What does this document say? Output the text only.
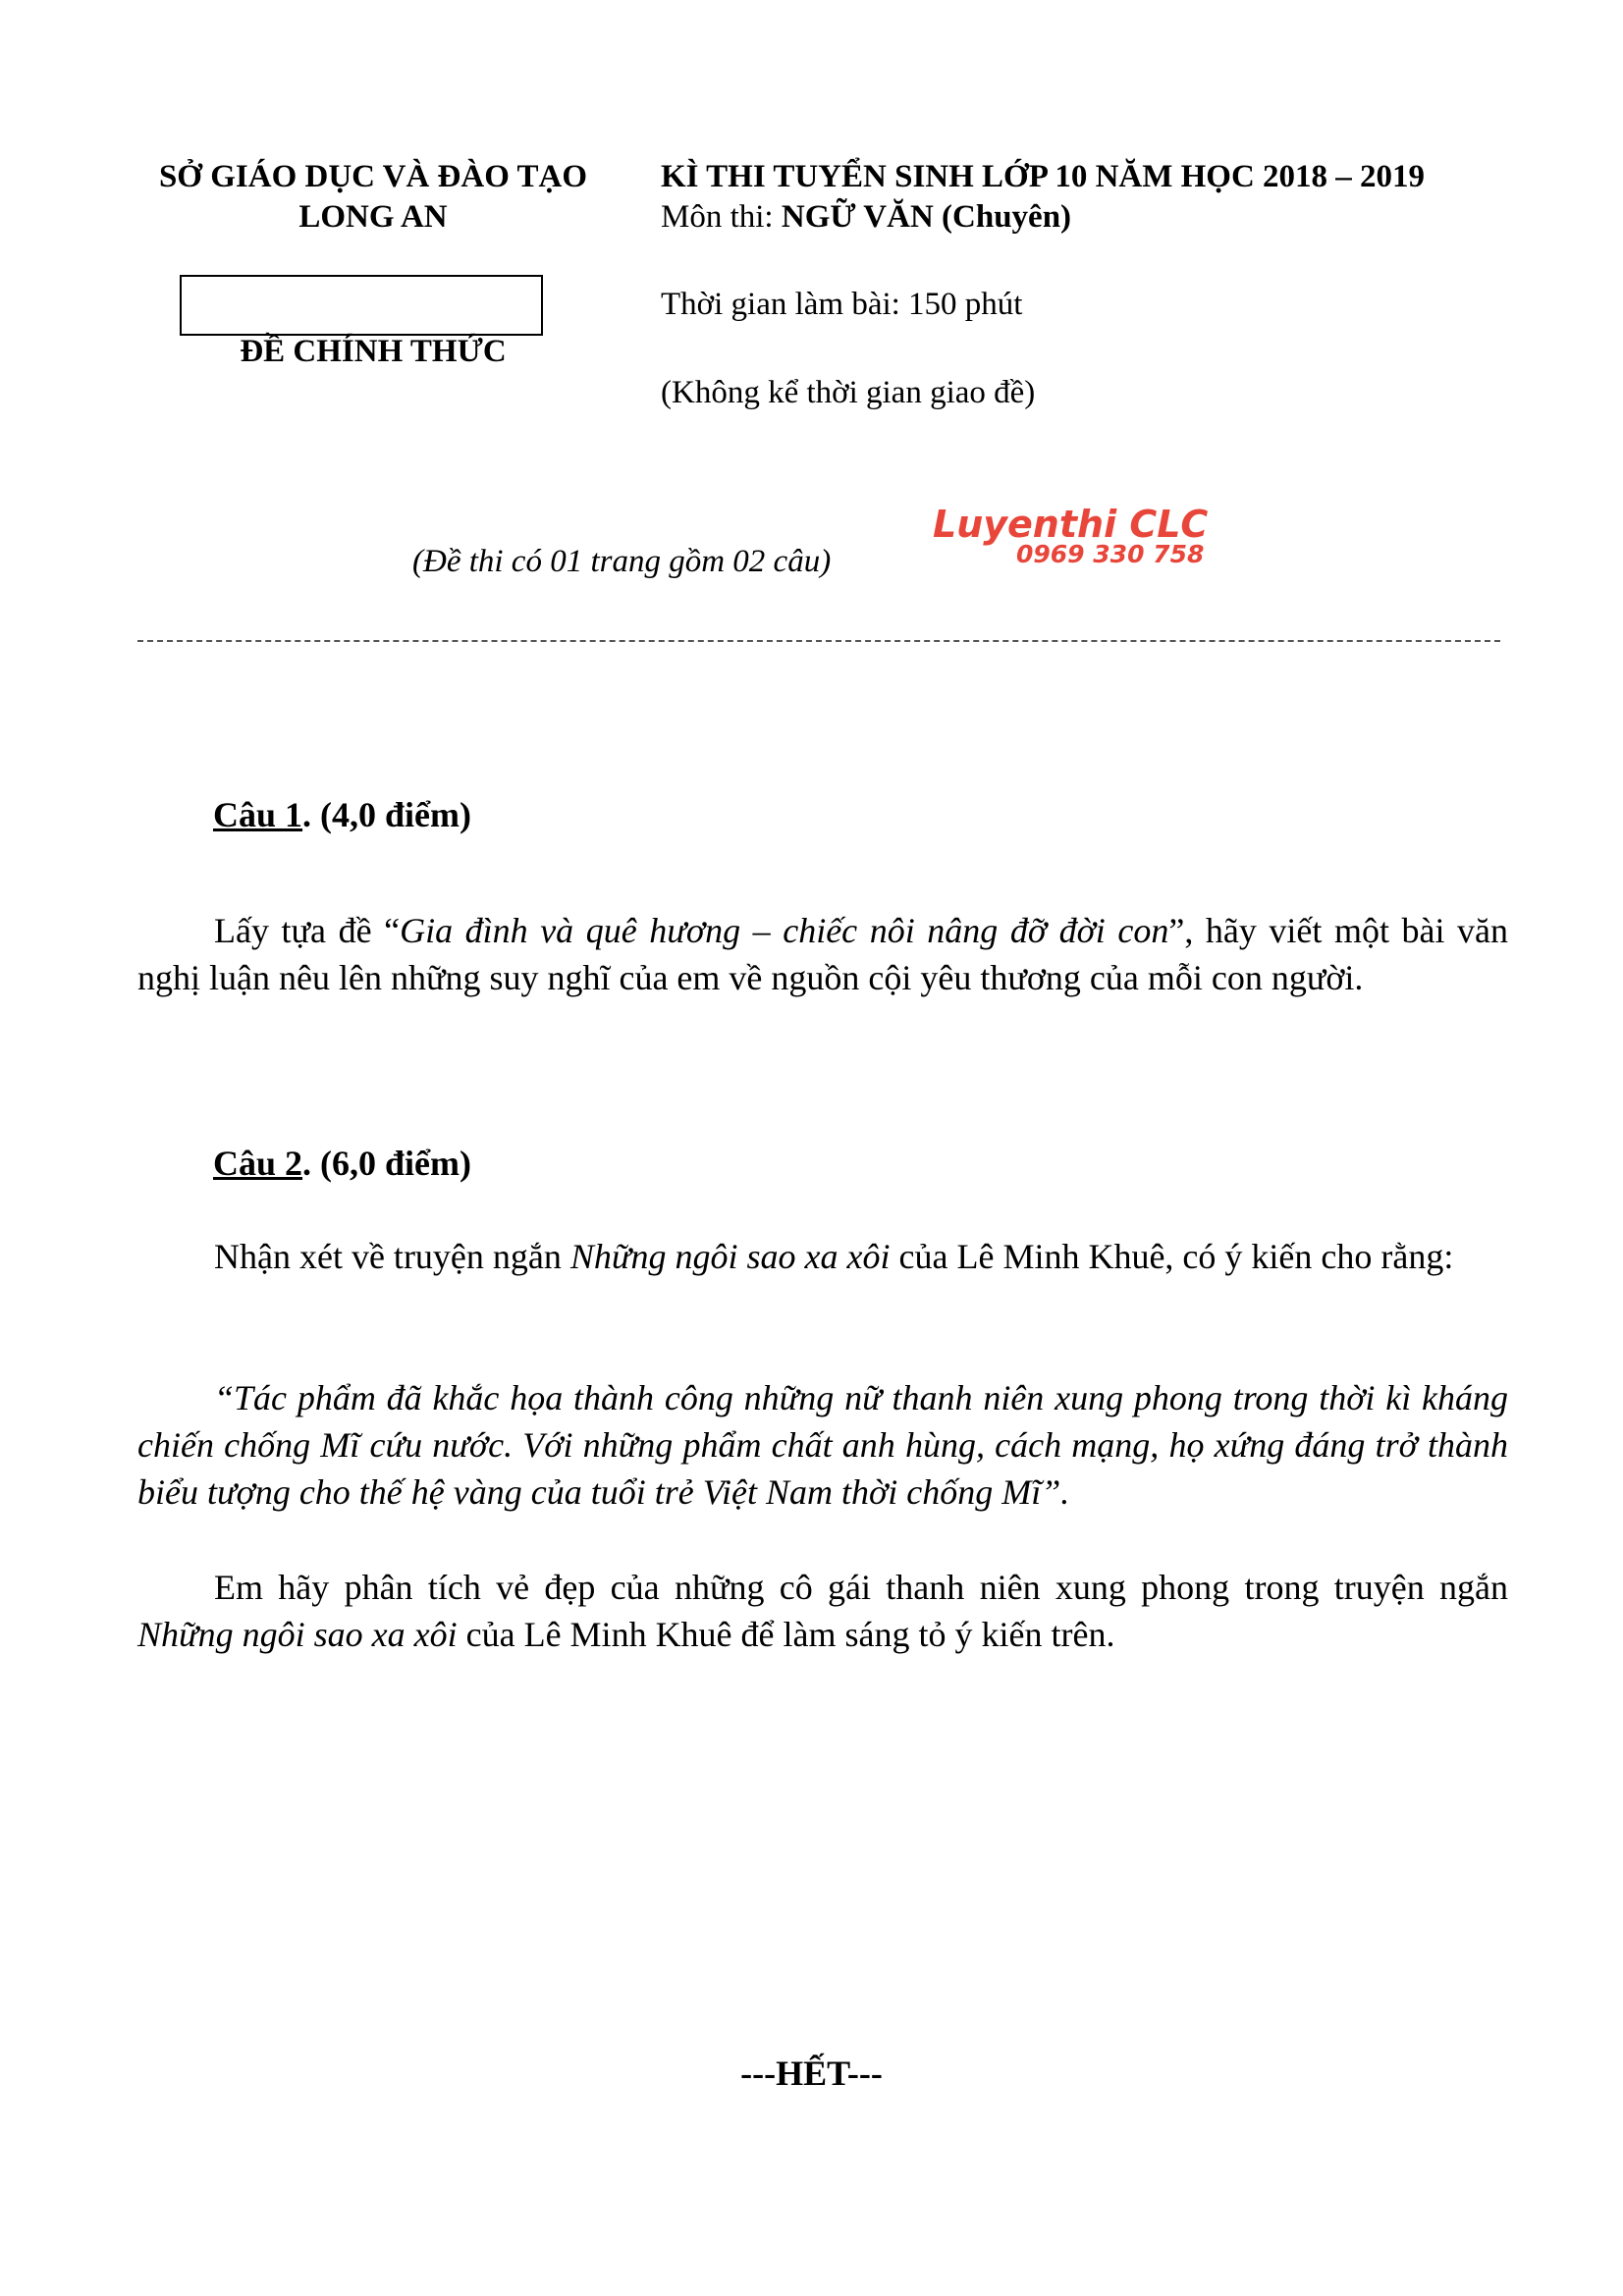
SỞ GIÁO DỤC VÀ ĐÀO TẠO
LONG AN
ĐỀ CHÍNH THỨC
KÌ THI TUYỂN SINH LỚP 10 NĂM HỌC 2018 – 2019
Môn thi: NGỮ VĂN (Chuyên)
Thời gian làm bài: 150 phút
(Không kể thời gian giao đề)
(Đề thi có 01 trang gồm 02 câu)
Luyenthi CLC
0969 330 758
Câu 1. (4,0 điểm)

Lấy tựa đề “Gia đình và quê hương – chiếc nôi nâng đỡ đời con”, hãy viết một bài văn nghị luận nêu lên những suy nghĩ của em về nguồn cội yêu thương của mỗi con người.

Câu 2. (6,0 điểm)

Nhận xét về truyện ngắn Những ngôi sao xa xôi của Lê Minh Khuê, có ý kiến cho rằng:

“Tác phẩm đã khắc họa thành công những nữ thanh niên xung phong trong thời kì kháng chiến chống Mĩ cứu nước. Với những phẩm chất anh hùng, cách mạng, họ xứng đáng trở thành biểu tượng cho thế hệ vàng của tuổi trẻ Việt Nam thời chống Mĩ”.

Em hãy phân tích vẻ đẹp của những cô gái thanh niên xung phong trong truyện ngắn Những ngôi sao xa xôi của Lê Minh Khuê để làm sáng tỏ ý kiến trên.

---HẾT---
